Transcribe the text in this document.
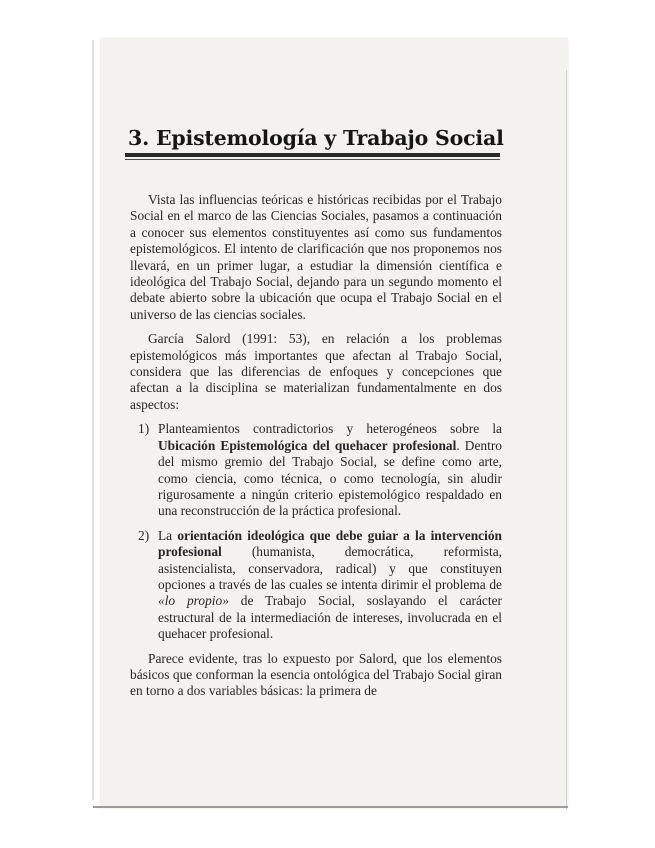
3. Epistemología y Trabajo Social

Vista las influencias teóricas e históricas recibidas por el Trabajo Social en el marco de las Ciencias Sociales, pasamos a continuación a conocer sus elementos constituyentes así como sus fundamentos epistemológicos. El intento de clarificación que nos proponemos nos llevará, en un primer lugar, a estudiar la dimensión científica e ideológica del Trabajo Social, dejando para un segundo momento el debate abierto sobre la ubicación que ocupa el Trabajo Social en el universo de las ciencias sociales.

García Salord (1991: 53), en relación a los problemas epistemológicos más importantes que afectan al Trabajo Social, considera que las diferencias de enfoques y concepciones que afectan a la disciplina se materializan fundamentalmente en dos aspectos:

1) Planteamientos contradictorios y heterogéneos sobre la Ubicación Epistemológica del quehacer profesional. Dentro del mismo gremio del Trabajo Social, se define como arte, como ciencia, como técnica, o como tecnología, sin aludir rigurosamente a ningún criterio epistemológico respaldado en una reconstrucción de la práctica profesional.
2) La orientación ideológica que debe guiar a la intervención profesional (humanista, democrática, reformista, asistencialista, conservadora, radical) y que constituyen opciones a través de las cuales se intenta dirimir el problema de «lo propio» de Trabajo Social, soslayando el carácter estructural de la intermediación de intereses, involucrada en el quehacer profesional.

Parece evidente, tras lo expuesto por Salord, que los elementos básicos que conforman la esencia ontológica del Trabajo Social giran en torno a dos variables básicas: la primera de
